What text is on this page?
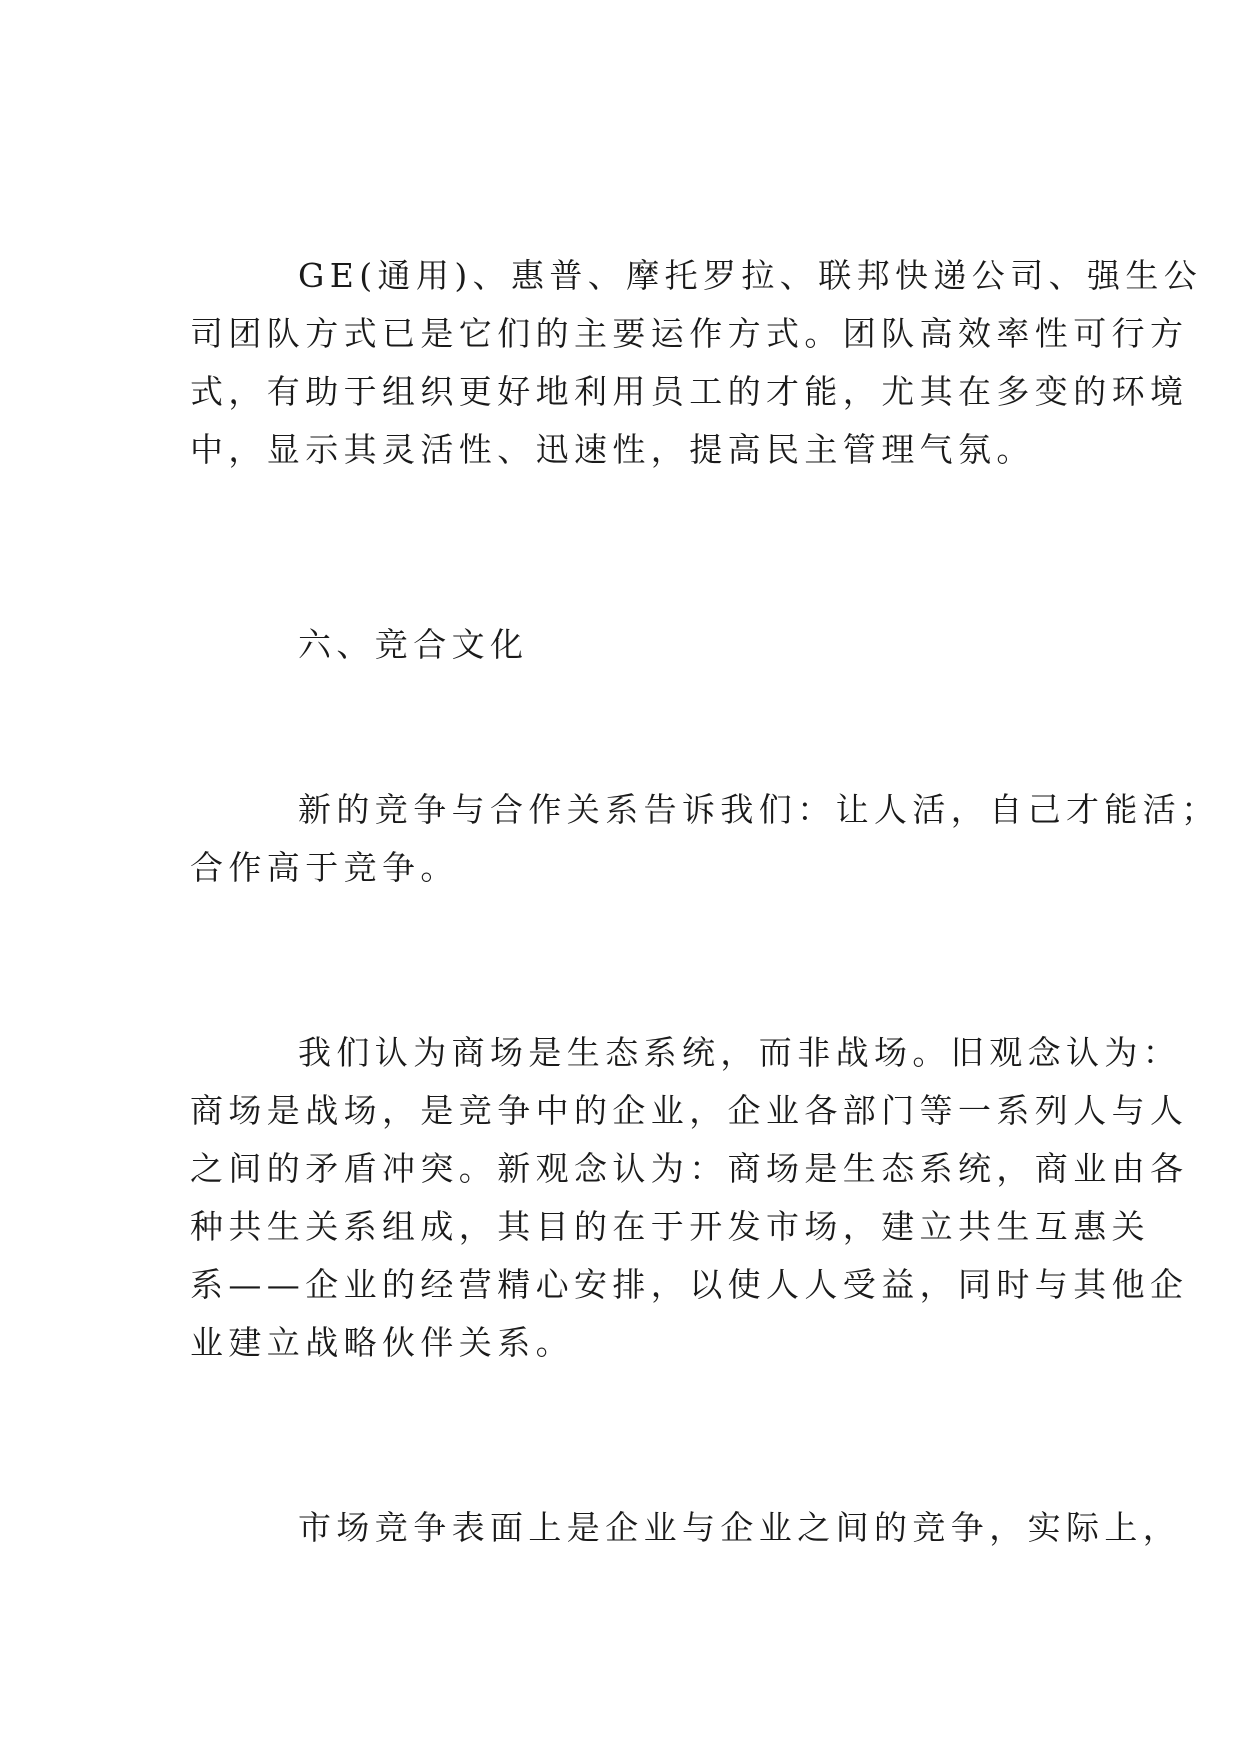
GE(通用)、惠普、摩托罗拉、联邦快递公司、强生公

司团队方式已是它们的主要运作方式。团队高效率性可行方

式，有助于组织更好地利用员工的才能，尤其在多变的环境

中，显示其灵活性、迅速性，提高民主管理气氛。

六、竞合文化

新的竞争与合作关系告诉我们：让人活，自己才能活；

合作高于竞争。

我们认为商场是生态系统，而非战场。旧观念认为：

商场是战场，是竞争中的企业，企业各部门等一系列人与人

之间的矛盾冲突。新观念认为：商场是生态系统，商业由各

种共生关系组成，其目的在于开发市场，建立共生互惠关

系——企业的经营精心安排，以使人人受益，同时与其他企

业建立战略伙伴关系。

市场竞争表面上是企业与企业之间的竞争，实际上，
